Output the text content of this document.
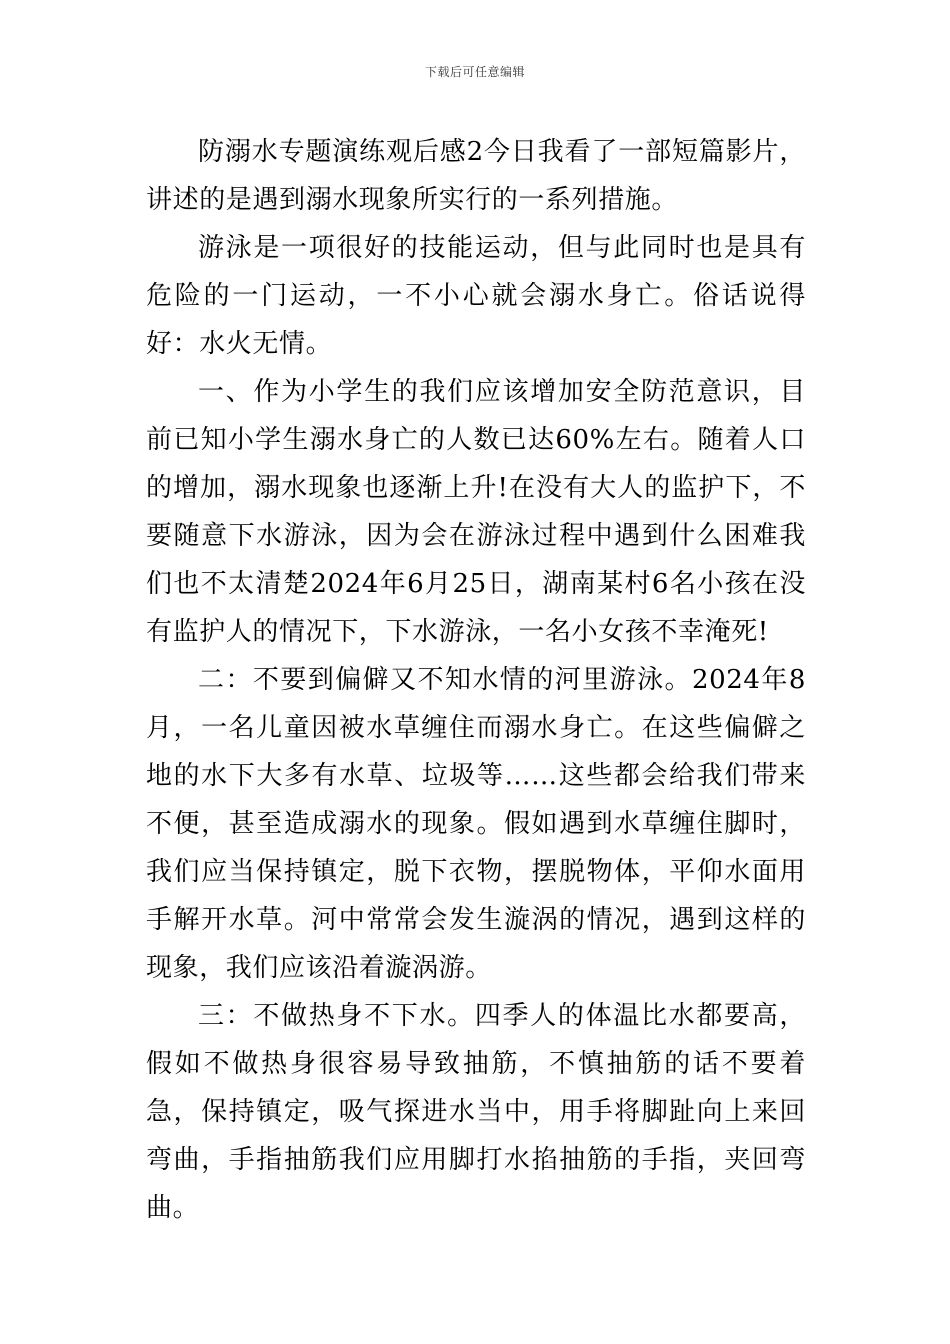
下载后可任意编辑

防溺水专题演练观后感2今日我看了一部短篇影片，讲述的是遇到溺水现象所实行的一系列措施。

游泳是一项很好的技能运动，但与此同时也是具有危险的一门运动，一不小心就会溺水身亡。俗话说得好：水火无情。

一、作为小学生的我们应该增加安全防范意识，目前已知小学生溺水身亡的人数已达60%左右。随着人口的增加，溺水现象也逐渐上升!在没有大人的监护下，不要随意下水游泳，因为会在游泳过程中遇到什么困难我们也不太清楚2024年6月25日，湖南某村6名小孩在没有监护人的情况下，下水游泳，一名小女孩不幸淹死!

二：不要到偏僻又不知水情的河里游泳。2024年8月，一名儿童因被水草缠住而溺水身亡。在这些偏僻之地的水下大多有水草、垃圾等……这些都会给我们带来不便，甚至造成溺水的现象。假如遇到水草缠住脚时，我们应当保持镇定，脱下衣物，摆脱物体，平仰水面用手解开水草。河中常常会发生漩涡的情况，遇到这样的现象，我们应该沿着漩涡游。

三：不做热身不下水。四季人的体温比水都要高，假如不做热身很容易导致抽筋，不慎抽筋的话不要着急，保持镇定，吸气探进水当中，用手将脚趾向上来回弯曲，手指抽筋我们应用脚打水掐抽筋的手指，夹回弯曲。
